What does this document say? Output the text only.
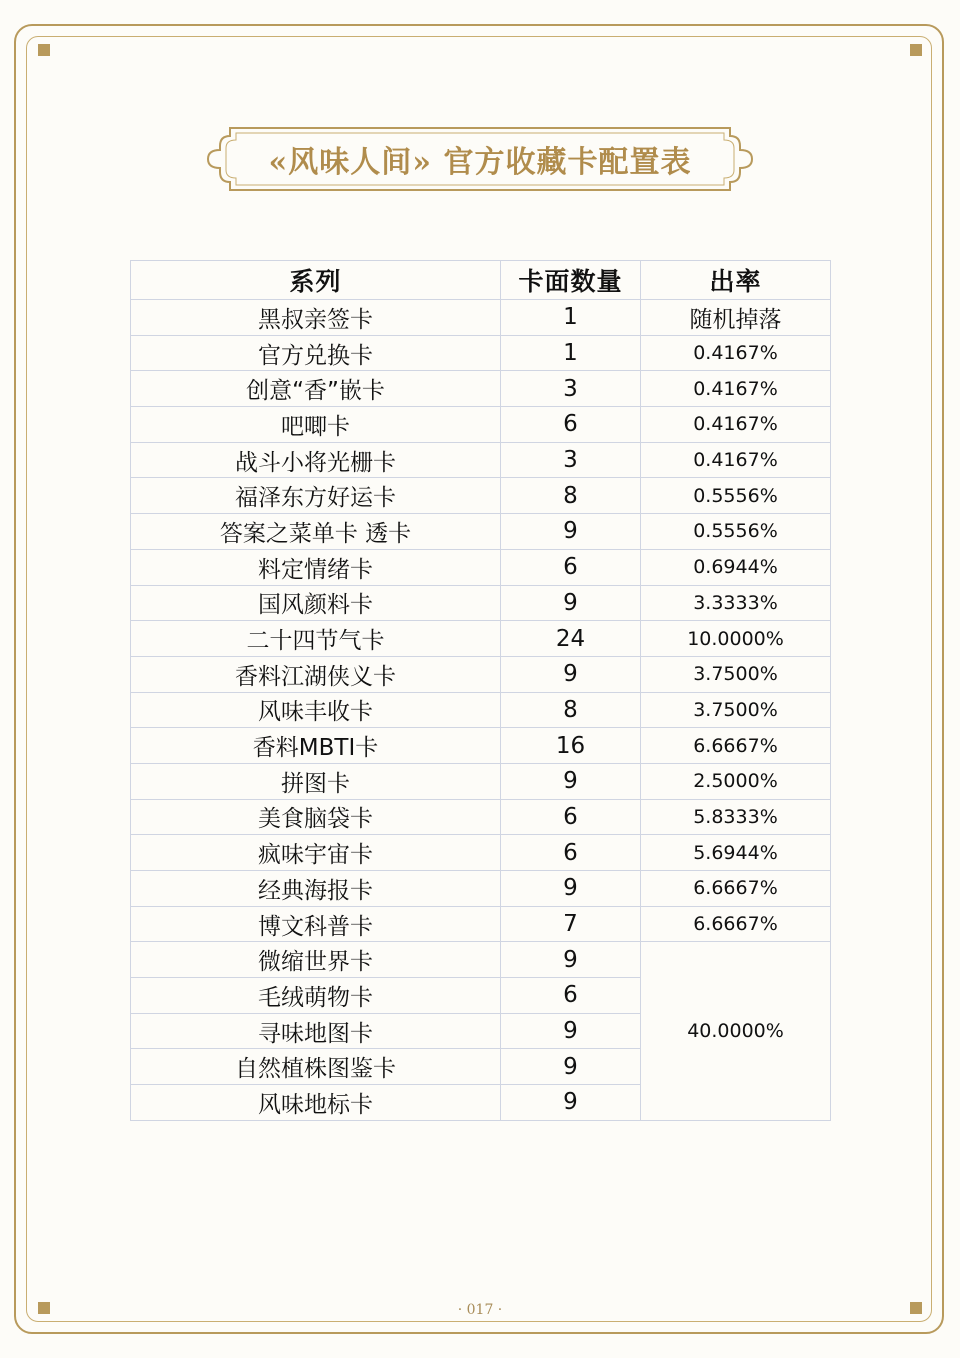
«风味人间» 官方收藏卡配置表
系列	卡面数量	出率
黑叔亲签卡	1	随机掉落
官方兑换卡	1	0.4167%
创意“香”嵌卡	3	0.4167%
吧唧卡	6	0.4167%
战斗小将光栅卡	3	0.4167%
福泽东方好运卡	8	0.5556%
答案之菜单卡 透卡	9	0.5556%
料定情绪卡	6	0.6944%
国风颜料卡	9	3.3333%
二十四节气卡	24	10.0000%
香料江湖侠义卡	9	3.7500%
风味丰收卡	8	3.7500%
香料MBTI卡	16	6.6667%
拼图卡	9	2.5000%
美食脑袋卡	6	5.8333%
疯味宇宙卡	6	5.6944%
经典海报卡	9	6.6667%
博文科普卡	7	6.6667%
微缩世界卡	9	40.0000%
毛绒萌物卡	6	
寻味地图卡	9	
自然植株图鉴卡	9	
风味地标卡	9	
· 017 ·
